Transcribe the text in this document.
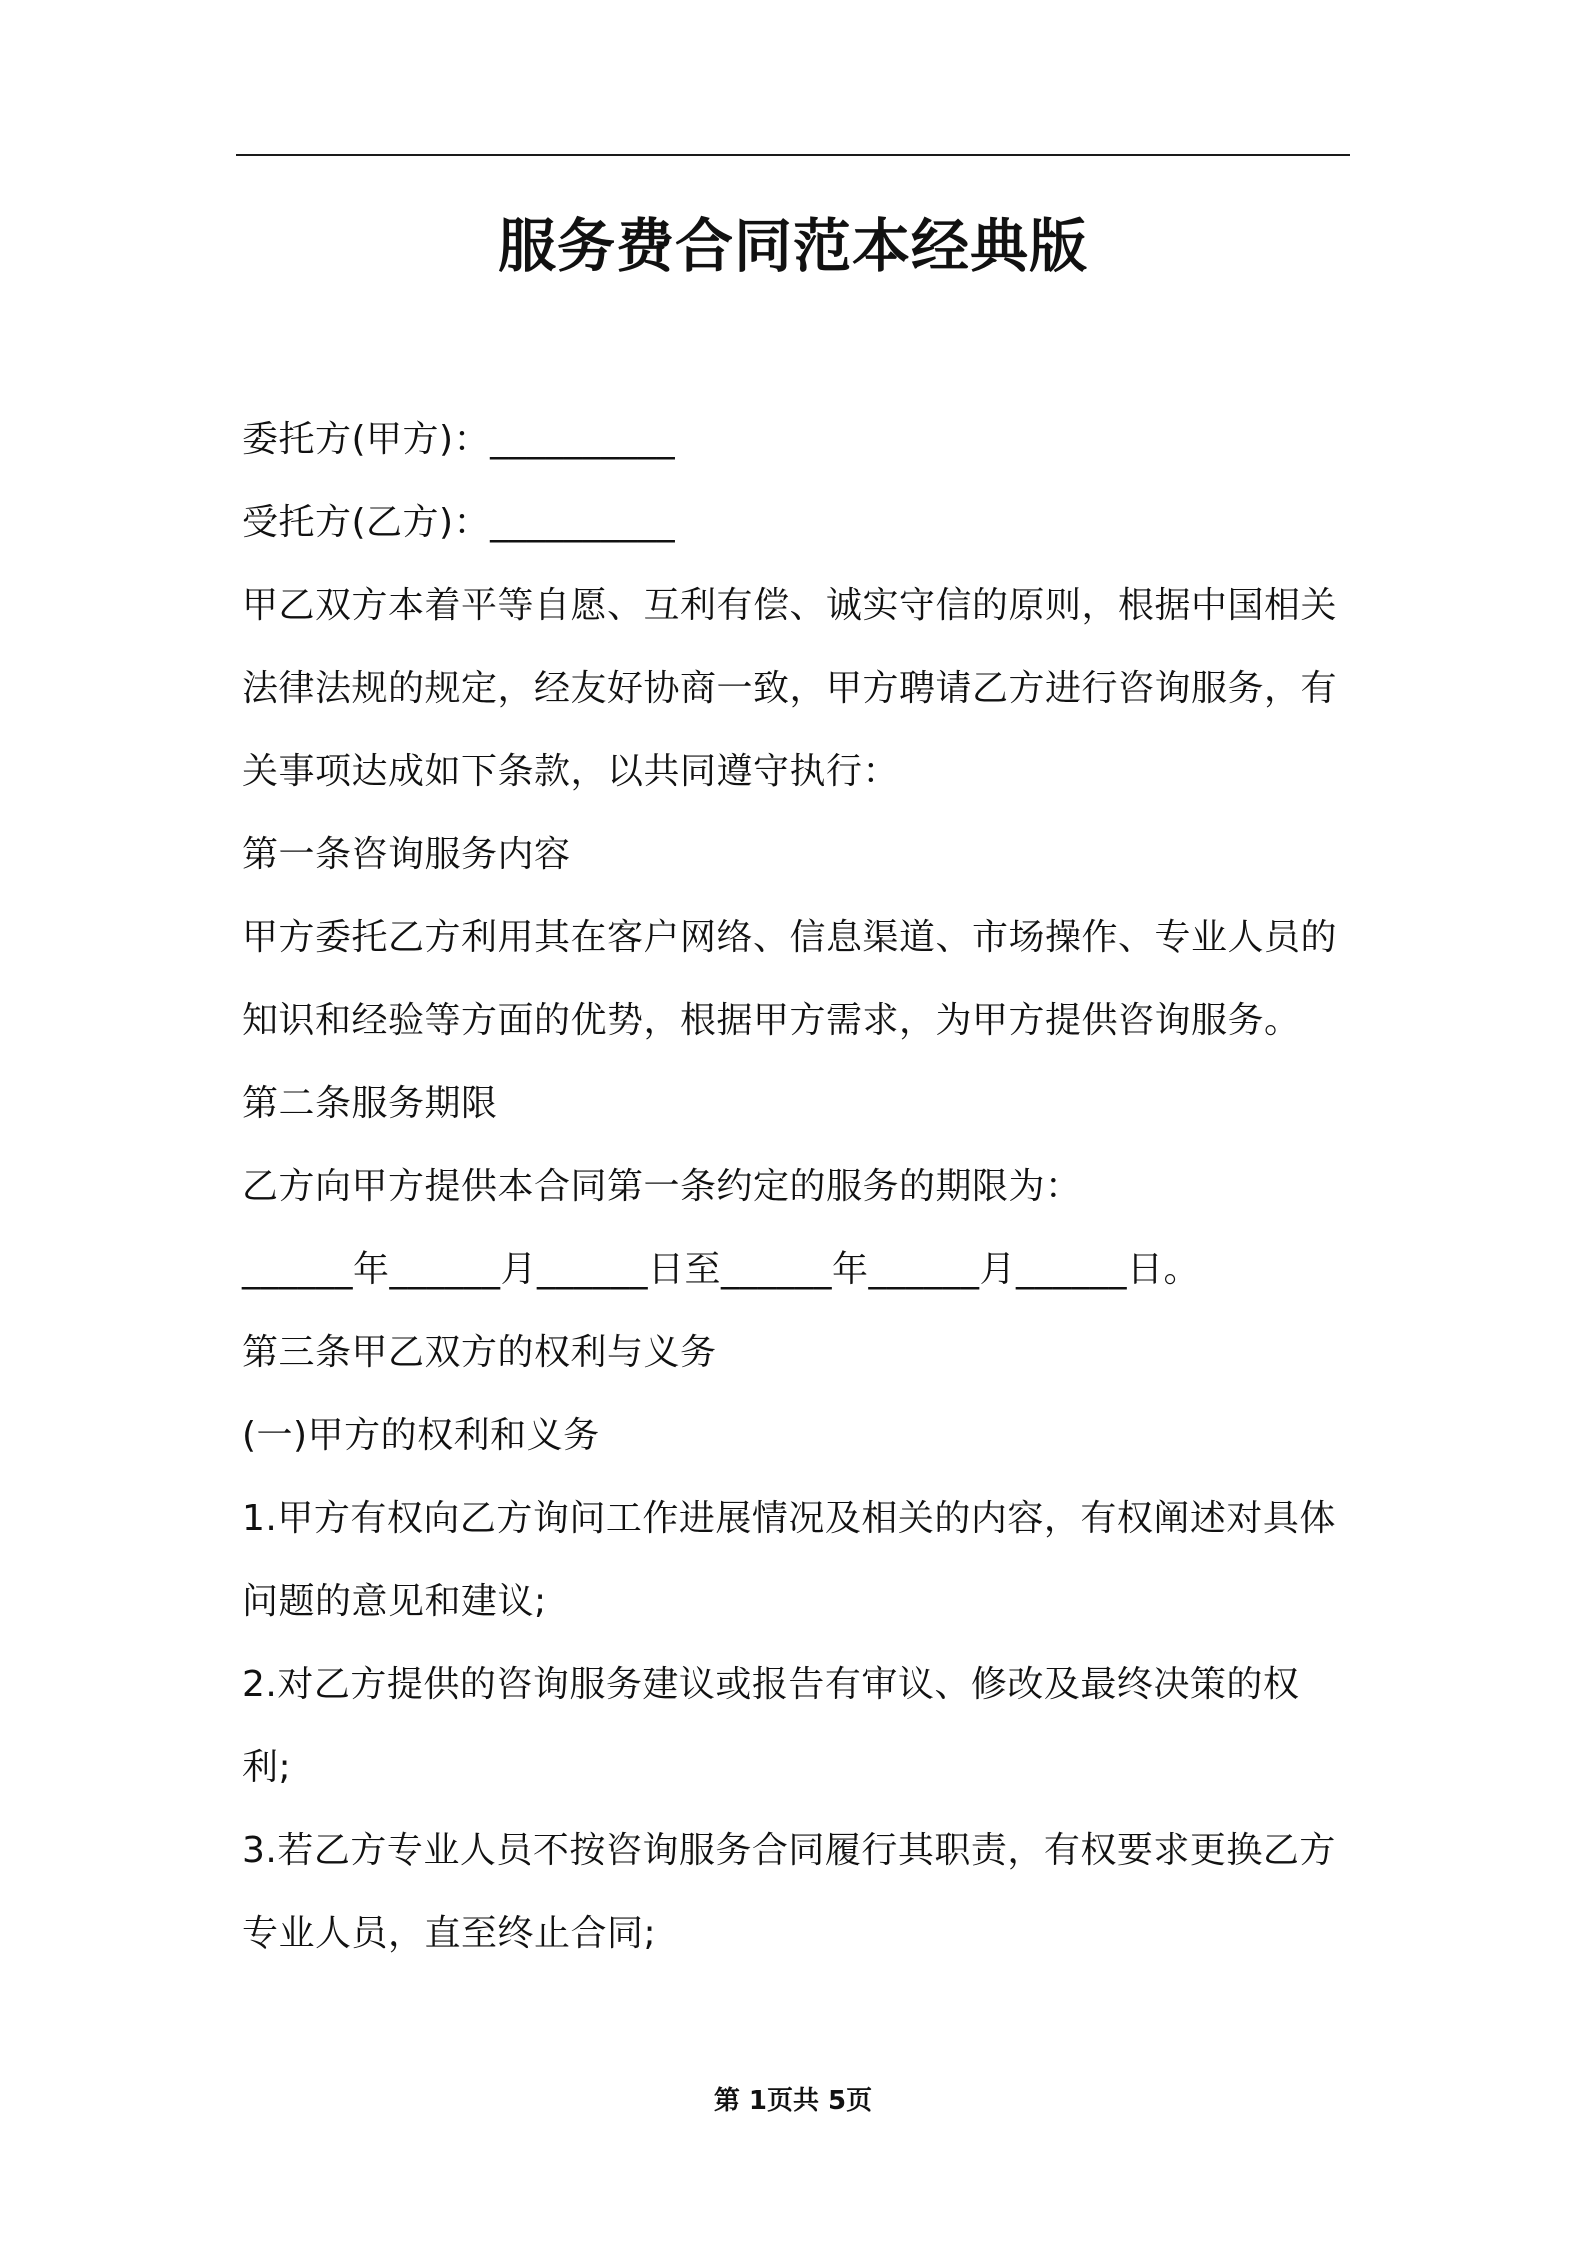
服务费合同范本经典版
委托方(甲方)：__________
受托方(乙方)：__________
甲乙双方本着平等自愿、互利有偿、诚实守信的原则，根据中国相关
法律法规的规定，经友好协商一致，甲方聘请乙方进行咨询服务，有
关事项达成如下条款，以共同遵守执行：
第一条咨询服务内容
甲方委托乙方利用其在客户网络、信息渠道、市场操作、专业人员的
知识和经验等方面的优势，根据甲方需求，为甲方提供咨询服务。
第二条服务期限
乙方向甲方提供本合同第一条约定的服务的期限为：
______年______月______日至______年______月______日。
第三条甲乙双方的权利与义务
(一)甲方的权利和义务
1.甲方有权向乙方询问工作进展情况及相关的内容，有权阐述对具体
问题的意见和建议;
2.对乙方提供的咨询服务建议或报告有审议、修改及最终决策的权
利;
3.若乙方专业人员不按咨询服务合同履行其职责，有权要求更换乙方
专业人员，直至终止合同;
第 1页共 5页
